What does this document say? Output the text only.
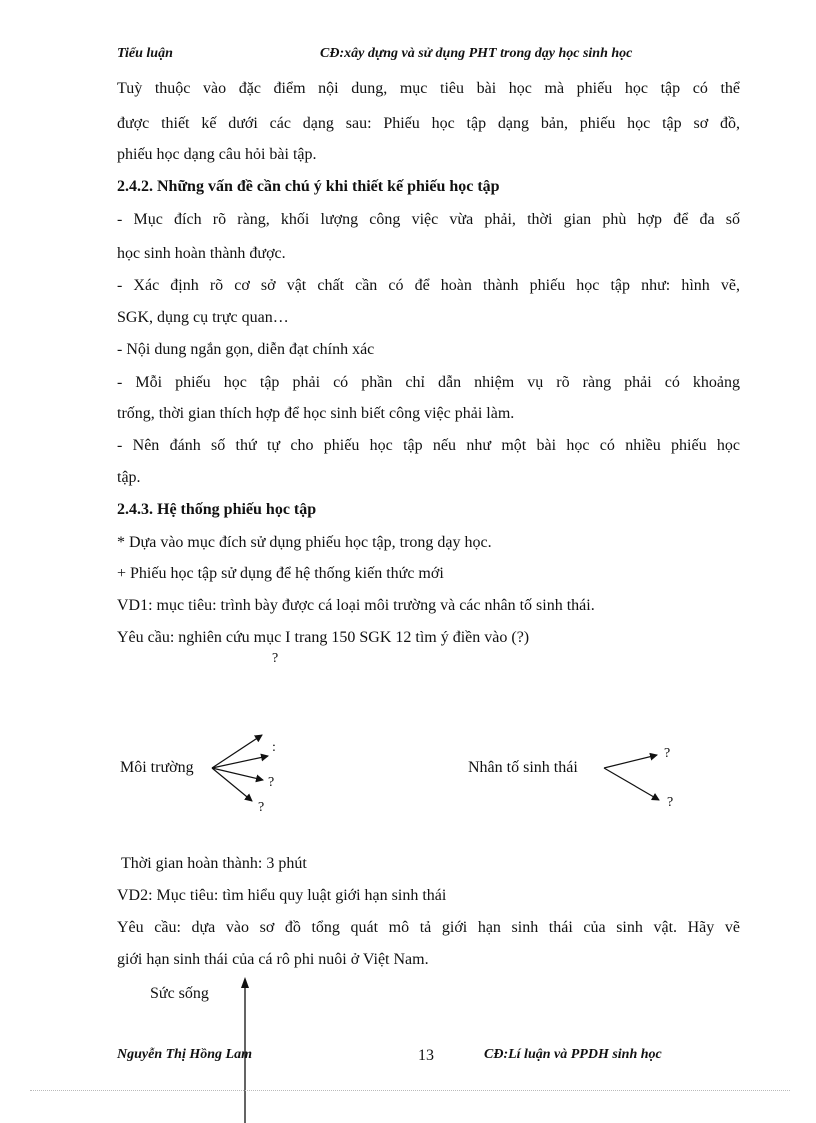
Tiểu luận	CĐ:xây dựng và sử dụng PHT trong dạy học sinh học
Tuỳ thuộc vào đặc điểm nội dung, mục tiêu bài học mà phiếu học tập có thể
được thiết kế dưới các dạng sau: Phiếu học tập dạng bản, phiếu học tập sơ đồ,
phiếu học dạng câu hỏi bài tập.
2.4.2. Những vấn đề cần chú ý khi thiết kế phiếu học tập
- Mục đích rõ ràng, khối lượng công việc vừa phải, thời gian phù hợp để đa số
học sinh hoàn thành được.
- Xác định rõ cơ sở vật chất cần có để hoàn thành phiếu học tập như: hình vẽ,
SGK, dụng cụ trực quan…
- Nội dung ngắn gọn, diễn đạt chính xác
- Mỗi phiếu học tập phải có phần chỉ dẫn nhiệm vụ rõ ràng phải có khoảng
trống, thời gian thích hợp để học sinh biết công việc phải làm.
- Nên đánh số thứ tự cho phiếu học tập nếu như một bài học có nhiều phiếu học
tập.
2.4.3. Hệ thống phiếu học tập
* Dựa vào mục đích sử dụng phiếu học tập, trong dạy học.
+ Phiếu học tập sử dụng để hệ thống kiến thức mới
VD1: mục tiêu: trình bày được cá loại môi trường và các nhân tố sinh thái.
Yêu cầu: nghiên cứu mục I trang 150 SGK 12 tìm ý điền vào (?)
?
Môi trường
:
?
?
Nhân tố sinh thái
?
?
Thời gian hoàn thành: 3 phút
VD2: Mục tiêu: tìm hiểu quy luật giới hạn sinh thái
Yêu cầu: dựa vào sơ đồ tổng quát mô tả giới hạn sinh thái của sinh vật. Hãy vẽ
giới hạn sinh thái của cá rô phi nuôi ở Việt Nam.
Sức sống
Nguyễn Thị Hồng Lam	13	CĐ:Lí luận và PPDH sinh học
